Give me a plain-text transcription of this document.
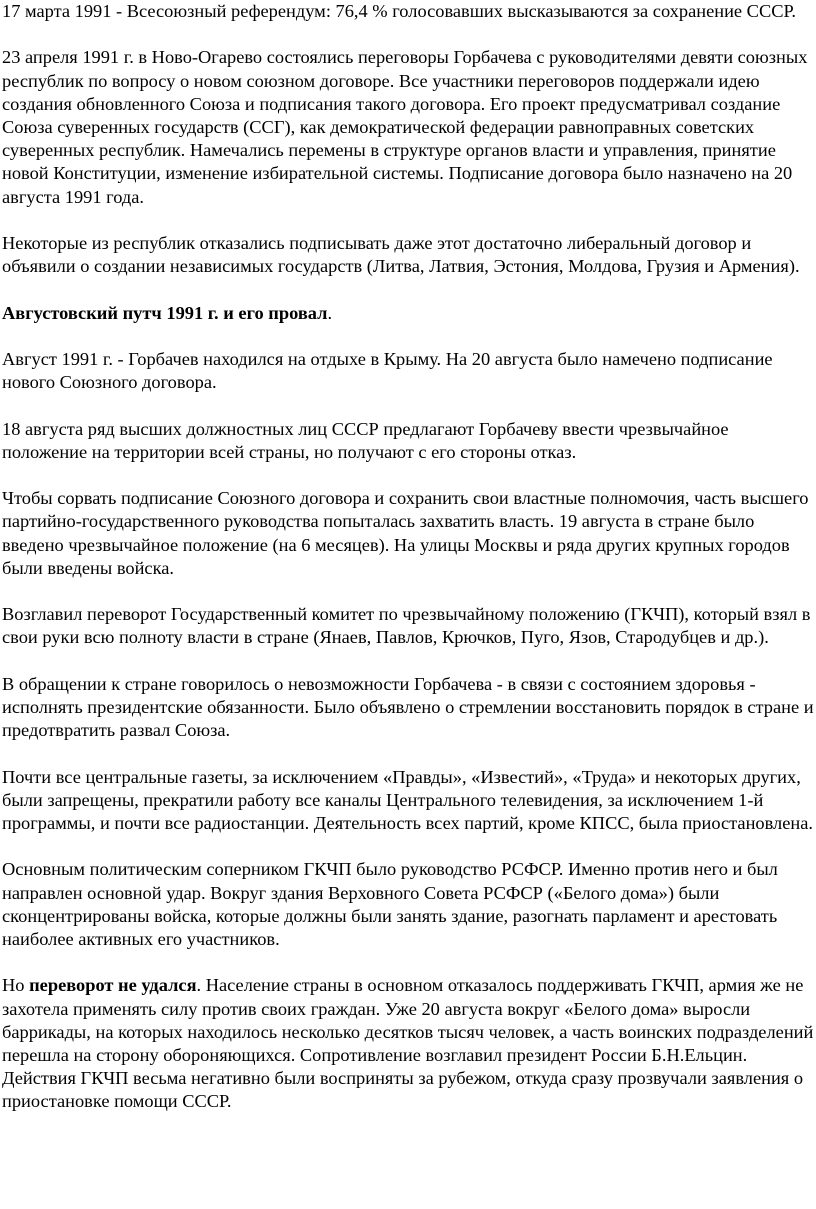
17 марта 1991 - Всесоюзный референдум: 76,4 % голосовавших высказываются за сохранение СССР.

23 апреля 1991 г. в Ново-Огарево состоялись переговоры Горбачева с руководителями девяти союзных республик по вопросу о новом союзном договоре. Все участники переговоров поддержали идею создания обновленного Союза и подписания такого договора. Его проект предусматривал создание Союза суверенных государств (ССГ), как демократической федерации равноправных советских суверенных республик. Намечались перемены в структуре органов власти и управления, принятие новой Конституции, изменение избирательной системы. Подписание договора было назначено на 20 августа 1991 года.

Некоторые из республик отказались подписывать даже этот достаточно либеральный договор и объявили о создании независимых государств (Литва, Латвия, Эстония, Молдова, Грузия и Армения).

Августовский путч 1991 г. и его провал.

Август 1991 г. - Горбачев находился на отдыхе в Крыму. На 20 августа было намечено подписание нового Союзного договора.

18 августа ряд высших должностных лиц СССР предлагают Горбачеву ввести чрезвычайное положение на территории всей страны, но получают с его стороны отказ.

Чтобы сорвать подписание Союзного договора и сохранить свои властные полномочия, часть высшего партийно-государственного руководства попыталась захватить власть. 19 августа в стране было введено чрезвычайное положение (на 6 месяцев). На улицы Москвы и ряда других крупных городов были введены войска.

Возглавил переворот Государственный комитет по чрезвычайному положению (ГКЧП), который взял в свои руки всю полноту власти в стране (Янаев, Павлов, Крючков, Пуго, Язов, Стародубцев и др.).

В обращении к стране говорилось о невозможности Горбачева - в связи с состоянием здоровья - исполнять президентские обязанности. Было объявлено о стремлении восстановить порядок в стране и предотвратить развал Союза.

Почти все центральные газеты, за исключением «Правды», «Известий», «Труда» и некоторых других, были запрещены, прекратили работу все каналы Центрального телевидения, за исключением 1-й программы, и почти все радиостанции. Деятельность всех партий, кроме КПСС, была приостановлена.

Основным политическим соперником ГКЧП было руководство РСФСР. Именно против него и был направлен основной удар. Вокруг здания Верховного Совета РСФСР («Белого дома») были сконцентрированы войска, которые должны были занять здание, разогнать парламент и арестовать наиболее активных его участников.

Но переворот не удался. Население страны в основном отказалось поддерживать ГКЧП, армия же не захотела применять силу против своих граждан. Уже 20 августа вокруг «Белого дома» выросли баррикады, на которых находилось несколько десятков тысяч человек, а часть воинских подразделений перешла на сторону обороняющихся. Сопротивление возглавил президент России Б.Н.Ельцин. Действия ГКЧП весьма негативно были восприняты за рубежом, откуда сразу прозвучали заявления о приостановке помощи СССР.
